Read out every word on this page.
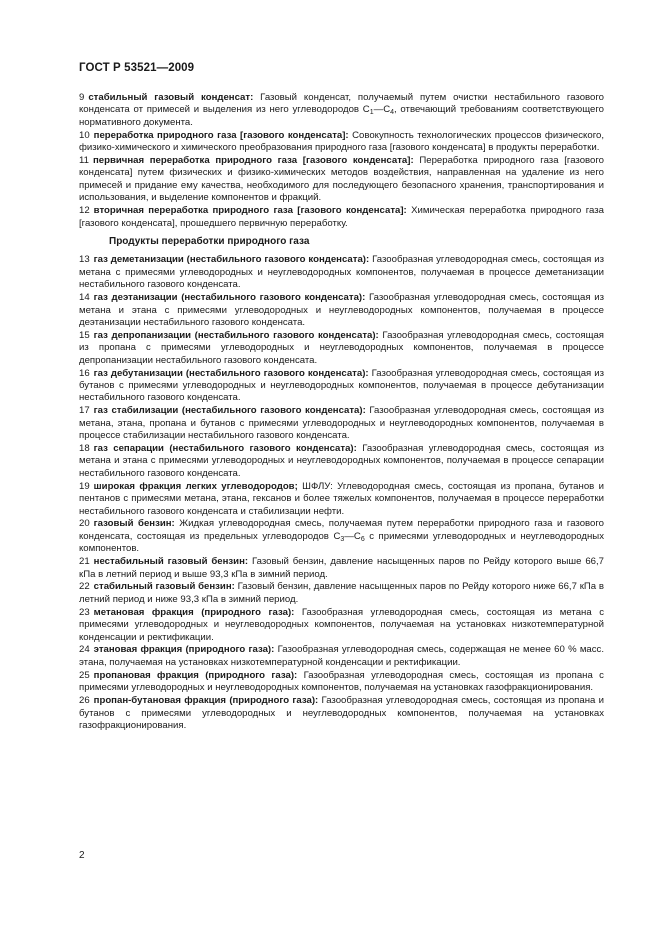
ГОСТ Р 53521—2009
9 стабильный газовый конденсат: Газовый конденсат, получаемый путем очистки нестабильного газового конденсата от примесей и выделения из него углеводородов $C_1—C_4$, отвечающий требованиям соответствующего нормативного документа.
10 переработка природного газа [газового конденсата]: Совокупность технологических процессов физического, физико-химического и химического преобразования природного газа [газового конденсата] в продукты переработки.
11 первичная переработка природного газа [газового конденсата]: Переработка природного газа [газового конденсата] путем физических и физико-химических методов воздействия, направленная на удаление из него примесей и придание ему качества, необходимого для последующего безопасного хранения, транспортирования и использования, и выделение компонентов и фракций.
12 вторичная переработка природного газа [газового конденсата]: Химическая переработка природного газа [газового конденсата], прошедшего первичную переработку.
Продукты переработки природного газа
13 газ деметанизации (нестабильного газового конденсата): Газообразная углеводородная смесь, состоящая из метана с примесями углеводородных и неуглеводородных компонентов, получаемая в процессе деметанизации нестабильного газового конденсата.
14 газ деэтанизации (нестабильного газового конденсата): Газообразная углеводородная смесь, состоящая из метана и этана с примесями углеводородных и неуглеводородных компонентов, получаемая в процессе деэтанизации нестабильного газового конденсата.
15 газ депропанизации (нестабильного газового конденсата): Газообразная углеводородная смесь, состоящая из пропана с примесями углеводородных и неуглеводородных компонентов, получаемая в процессе депропанизации нестабильного газового конденсата.
16 газ дебутанизации (нестабильного газового конденсата): Газообразная углеводородная смесь, состоящая из бутанов с примесями углеводородных и неуглеводородных компонентов, получаемая в процессе дебутанизации нестабильного газового конденсата.
17 газ стабилизации (нестабильного газового конденсата): Газообразная углеводородная смесь, состоящая из метана, этана, пропана и бутанов с примесями углеводородных и неуглеводородных компонентов, получаемая в процессе стабилизации нестабильного газового конденсата.
18 газ сепарации (нестабильного газового конденсата): Газообразная углеводородная смесь, состоящая из метана и этана с примесями углеводородных и неуглеводородных компонентов, получаемая в процессе сепарации нестабильного газового конденсата.
19 широкая фракция легких углеводородов; ШФЛУ: Углеводородная смесь, состоящая из пропана, бутанов и пентанов с примесями метана, этана, гексанов и более тяжелых компонентов, получаемая в процессе переработки нестабильного газового конденсата и стабилизации нефти.
20 газовый бензин: Жидкая углеводородная смесь, получаемая путем переработки природного газа и газового конденсата, состоящая из предельных углеводородов $C_3—C_6$ с примесями углеводородных и неуглеводородных компонентов.
21 нестабильный газовый бензин: Газовый бензин, давление насыщенных паров по Рейду которого выше 66,7 кПа в летний период и выше 93,3 кПа в зимний период.
22 стабильный газовый бензин: Газовый бензин, давление насыщенных паров по Рейду которого ниже 66,7 кПа в летний период и ниже 93,3 кПа в зимний период.
23 метановая фракция (природного газа): Газообразная углеводородная смесь, состоящая из метана с примесями углеводородных и неуглеводородных компонентов, получаемая на установках низкотемпературной конденсации и ректификации.
24 этановая фракция (природного газа): Газообразная углеводородная смесь, содержащая не менее 60 % масс. этана, получаемая на установках низкотемпературной конденсации и ректификации.
25 пропановая фракция (природного газа): Газообразная углеводородная смесь, состоящая из пропана с примесями углеводородных и неуглеводородных компонентов, получаемая на установках газофракционирования.
26 пропан-бутановая фракция (природного газа): Газообразная углеводородная смесь, состоящая из пропана и бутанов с примесями углеводородных и неуглеводородных компонентов, получаемая на установках газофракционирования.
2
